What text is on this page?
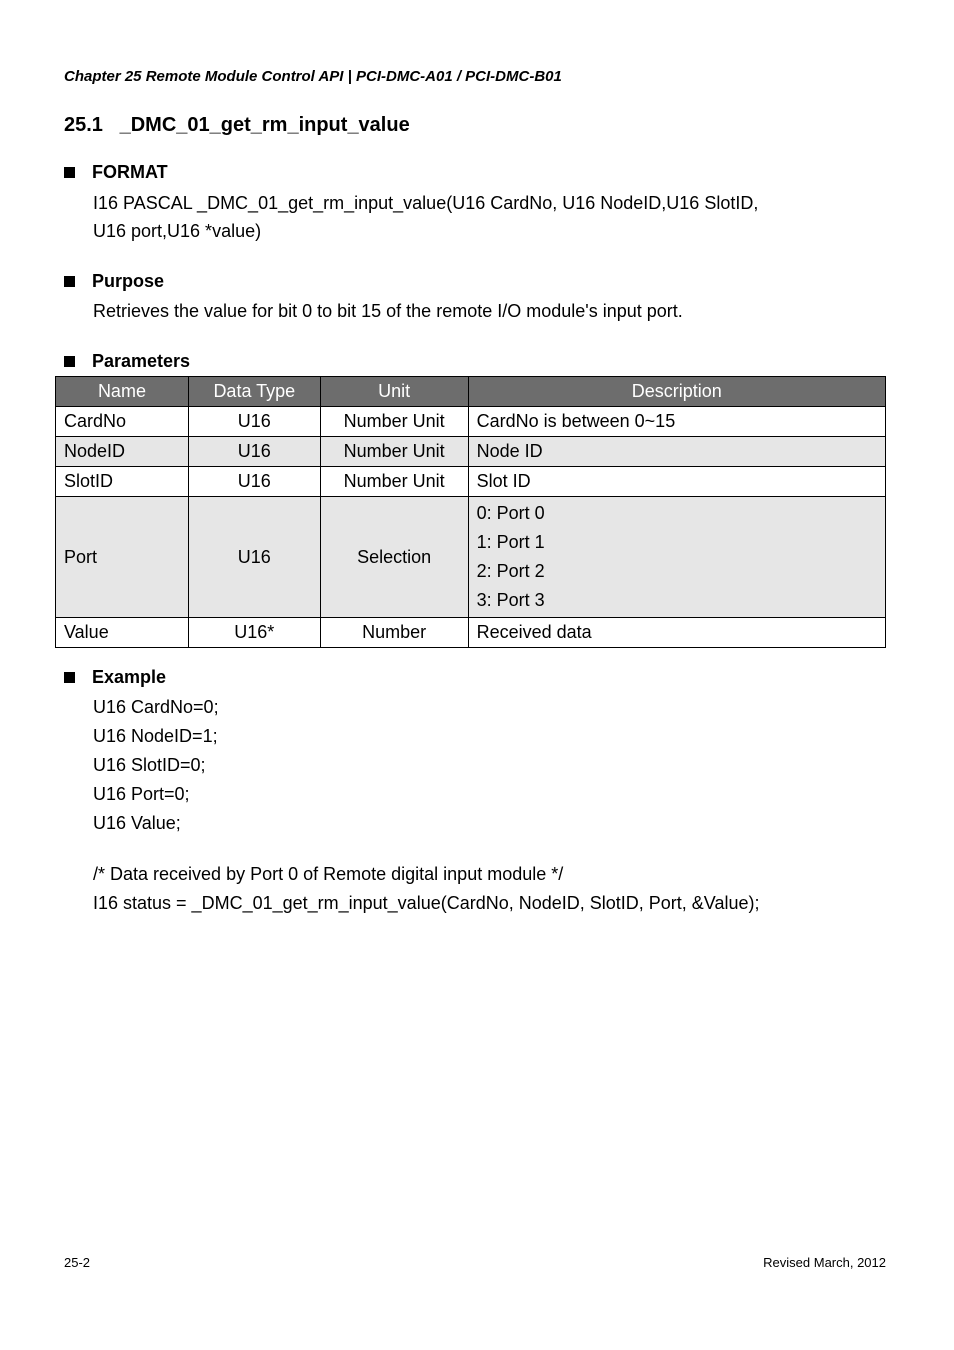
Chapter 25 Remote Module Control API | PCI-DMC-A01 / PCI-DMC-B01
25.1   _DMC_01_get_rm_input_value
FORMAT
I16 PASCAL _DMC_01_get_rm_input_value(U16 CardNo, U16 NodeID,U16 SlotID,
U16 port,U16 *value)
Purpose
Retrieves the value for bit 0 to bit 15 of the remote I/O module's input port.
Parameters
Name	Data Type	Unit	Description
CardNo	U16	Number Unit	CardNo is between 0~15
NodeID	U16	Number Unit	Node ID
SlotID	U16	Number Unit	Slot ID
Port	U16	Selection	0: Port 0
1: Port 1
2: Port 2
3: Port 3

Value	U16*	Number	Received data
Example
U16 CardNo=0;
U16 NodeID=1;
U16 SlotID=0;
U16 Port=0;
U16 Value;
/* Data received by Port 0 of Remote digital input module */
I16 status = _DMC_01_get_rm_input_value(CardNo, NodeID, SlotID, Port, &Value);
25-2	Revised March, 2012
